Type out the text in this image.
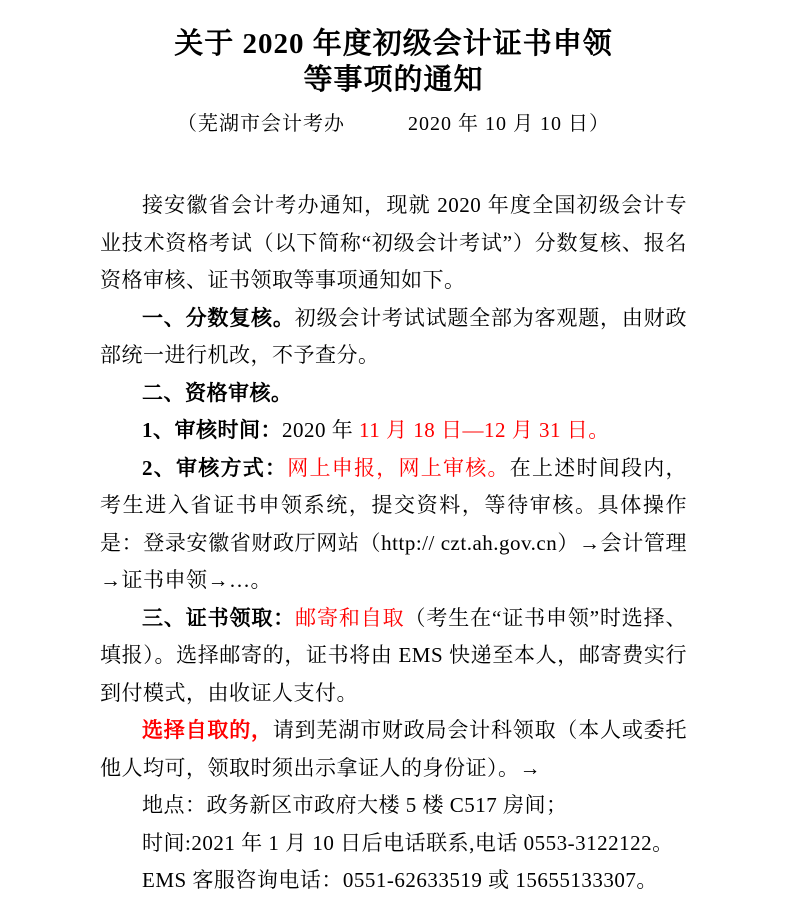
关于 2020 年度初级会计证书申领
等事项的通知
（芜湖市会计考办　　　2020 年 10 月 10 日）

接安徽省会计考办通知，现就 2020 年度全国初级会计专业技术资格考试（以下简称“初级会计考试”）分数复核、报名资格审核、证书领取等事项通知如下。

一、分数复核。初级会计考试试题全部为客观题，由财政部统一进行机改，不予查分。

二、资格审核。

1、审核时间：2020 年 11 月 18 日—12 月 31 日。

2、审核方式：网上申报，网上审核。在上述时间段内，考生进入省证书申领系统，提交资料，等待审核。具体操作是：登录安徽省财政厅网站（http:// czt.ah.gov.cn）→会计管理→证书申领→…。

三、证书领取：邮寄和自取（考生在“证书申领”时选择、填报）。选择邮寄的，证书将由 EMS 快递至本人，邮寄费实行到付模式，由收证人支付。

选择自取的，请到芜湖市财政局会计科领取（本人或委托他人均可，领取时须出示拿证人的身份证）。→

地点：政务新区市政府大楼 5 楼 C517 房间；

时间:2021 年 1 月 10 日后电话联系,电话 0553-3122122。

EMS 客服咨询电话：0551-62633519 或 15655133307。
